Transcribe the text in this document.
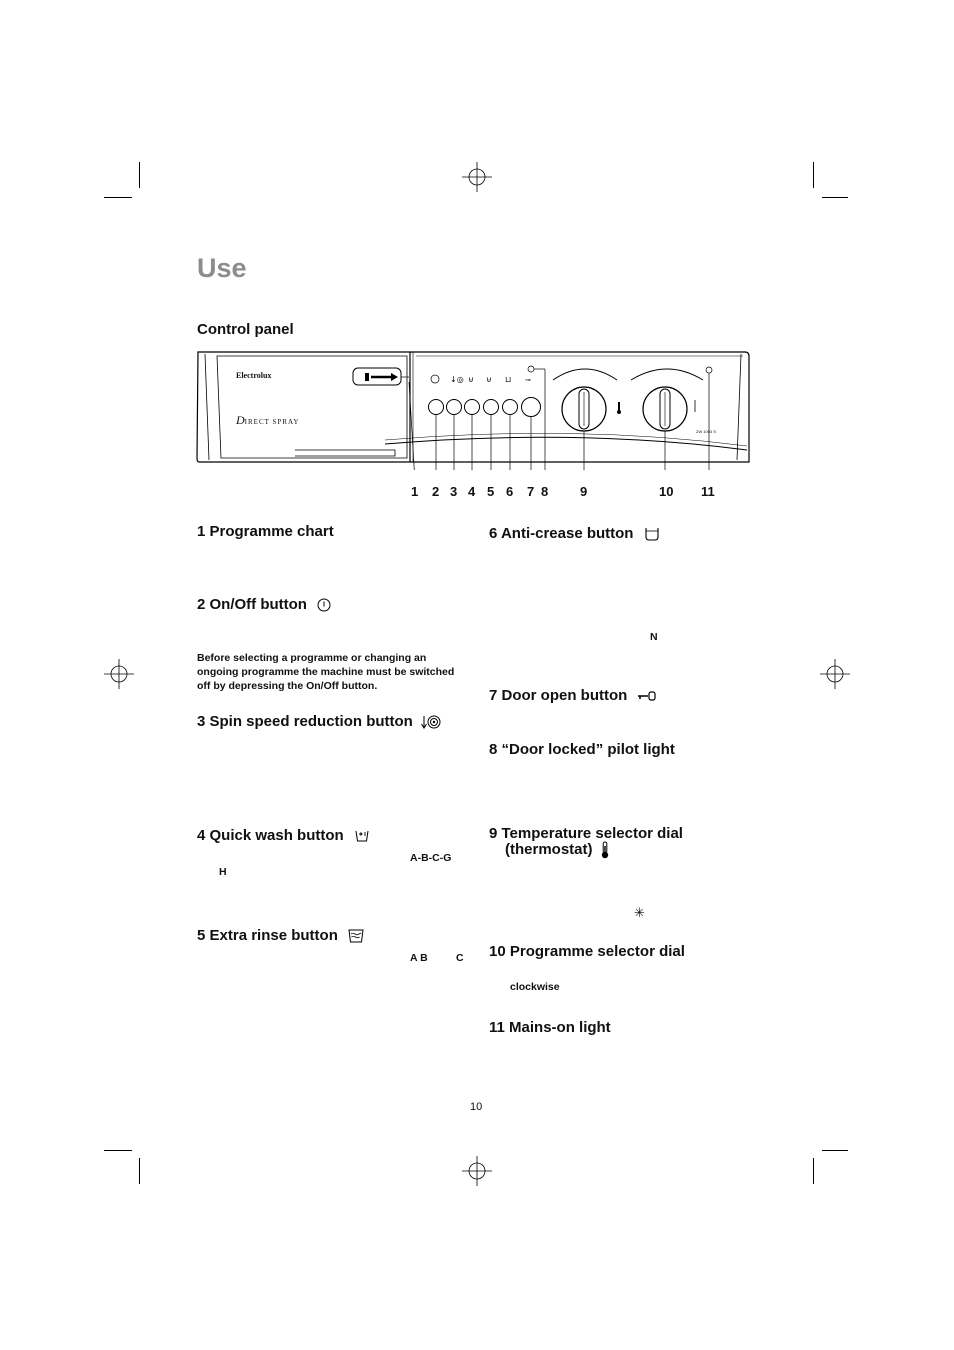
Use
Control panel
↓◎ ⊍ ⊍ ⊔ ⊸
Electrolux
DIRECT SPRAY
ZW 1003 S
1 2 3 4 5 6 7 8 9	10 11
1 Programme chart
2 On/Off button
Before selecting a programme or changing an ongoing programme the machine must be switched off by depressing the On/Off button.
3 Spin speed reduction button
4 Quick wash button
A-B-C-G
H
5 Extra rinse button
A B	C
6 Anti-crease button
N
7 Door open button
8 “Door locked” pilot light
9 Temperature selector dial
(thermostat)
✳
10 Programme selector dial
clockwise
11 Mains-on light
10
